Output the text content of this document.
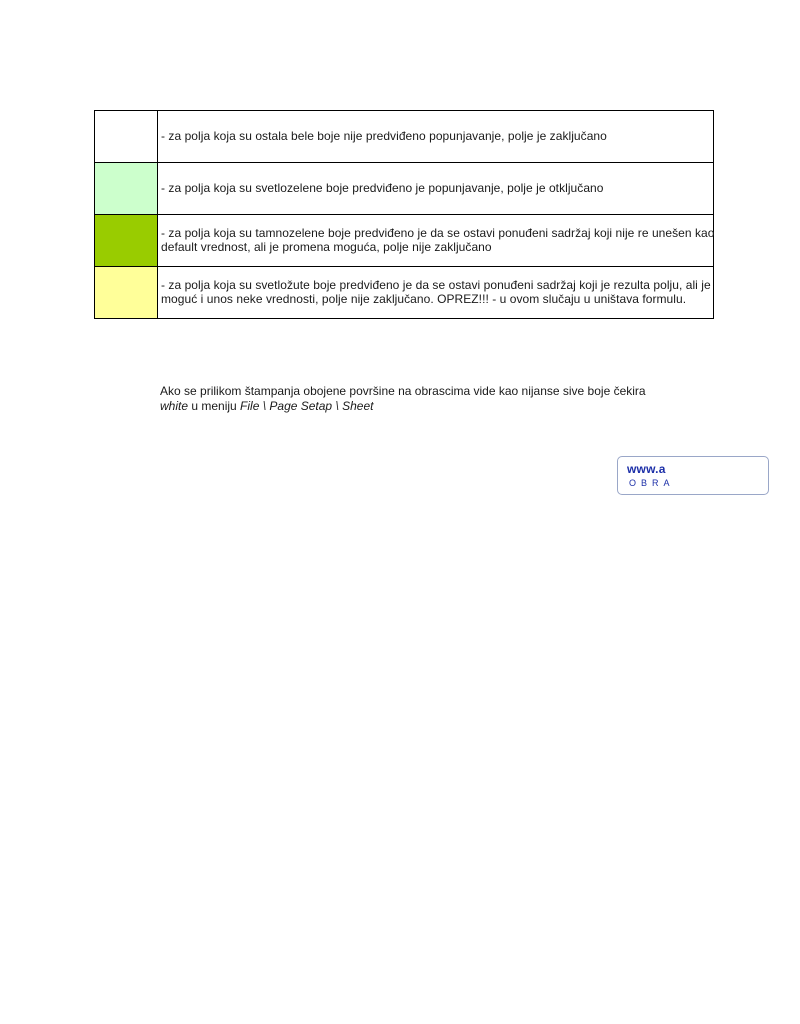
	- za polja koja su ostala bele boje nije predviđeno popunjavanje, polje je zaključano

	- za polja koja su svetlozelene boje predviđeno je popunjavanje, polje je otključano

	- za polja koja su tamnozelene boje predviđeno je da se ostavi ponuđeni sadržaj koji nije re unešen kao default vrednost, ali je promena moguća, polje nije zaključano

	- za polja koja su svetložute boje predviđeno je da se ostavi ponuđeni sadržaj koji je rezulta polju, ali je moguć i unos neke vrednosti, polje nije zaključano. OPREZ!!! - u ovom slučaju u uništava formulu.
Ako se prilikom štampanja obojene površine na obrascima vide kao nijanse sive boje čekira
white u meniju File \ Page Setap \ Sheet
www.a
OBRA
